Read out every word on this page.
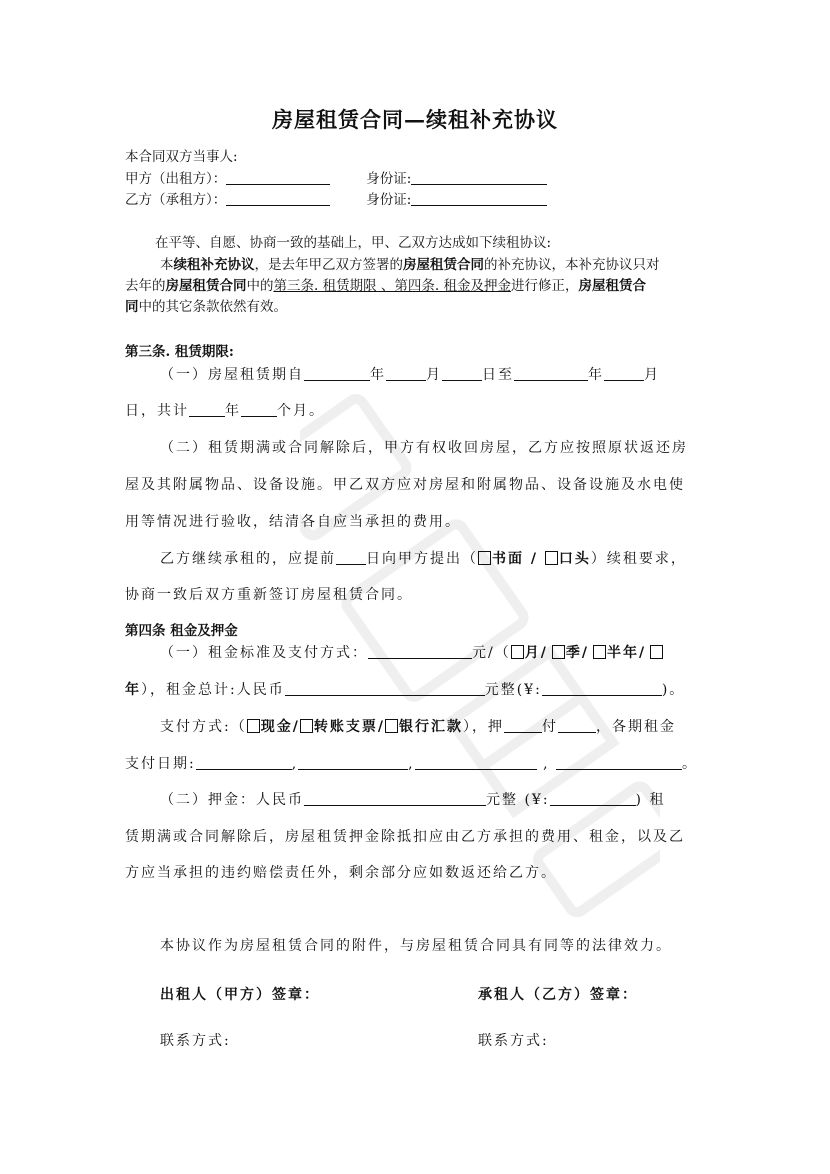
房屋租赁合同—续租补充协议
本合同双方当事人:
甲方（出租方）：	身份证:
乙方（承租方）：	身份证:
在平等、自愿、协商一致的基础上，甲、乙双方达成如下续租协议:
本续租补充协议，是去年甲乙双方签署的房屋租赁合同的补充协议，本补充协议只对
去年的房屋租赁合同中的第三条. 租赁期限 、第四条. 租金及押金进行修正，房屋租赁合
同中的其它条款依然有效。
第三条. 租赁期限:
（一）房屋租赁期自	年	月	日至	年	月
日，共计	年	个月。
（二）租赁期满或合同解除后，甲方有权收回房屋，乙方应按照原状返还房
屋及其附属物品、设备设施。甲乙双方应对房屋和附属物品、设备设施及水电使
用等情况进行验收，结清各自应当承担的费用。
乙方继续承租的，应提前 日向甲方提出（ 书面 / 口头）续租要求，
协商一致后双方重新签订房屋租赁合同。
第四条 租金及押金
（一）租金标准及支付方式：	元/（ 月/ 季/ 半年/
年），租金总计:人民币	元整(¥:	)。
支付方式:（ 现金/ 转账支票/ 银行汇款），押	付	，各期租金
支付日期:	,	,	,	。
（二）押金：人民币	元整 (¥:	) 租
赁期满或合同解除后，房屋租赁押金除抵扣应由乙方承担的费用、租金，以及乙
方应当承担的违约赔偿责任外，剩余部分应如数返还给乙方。
本协议作为房屋租赁合同的附件，与房屋租赁合同具有同等的法律效力。
出租人（甲方）签章：	承租人（乙方）签章：
联系方式:	联系方式:
